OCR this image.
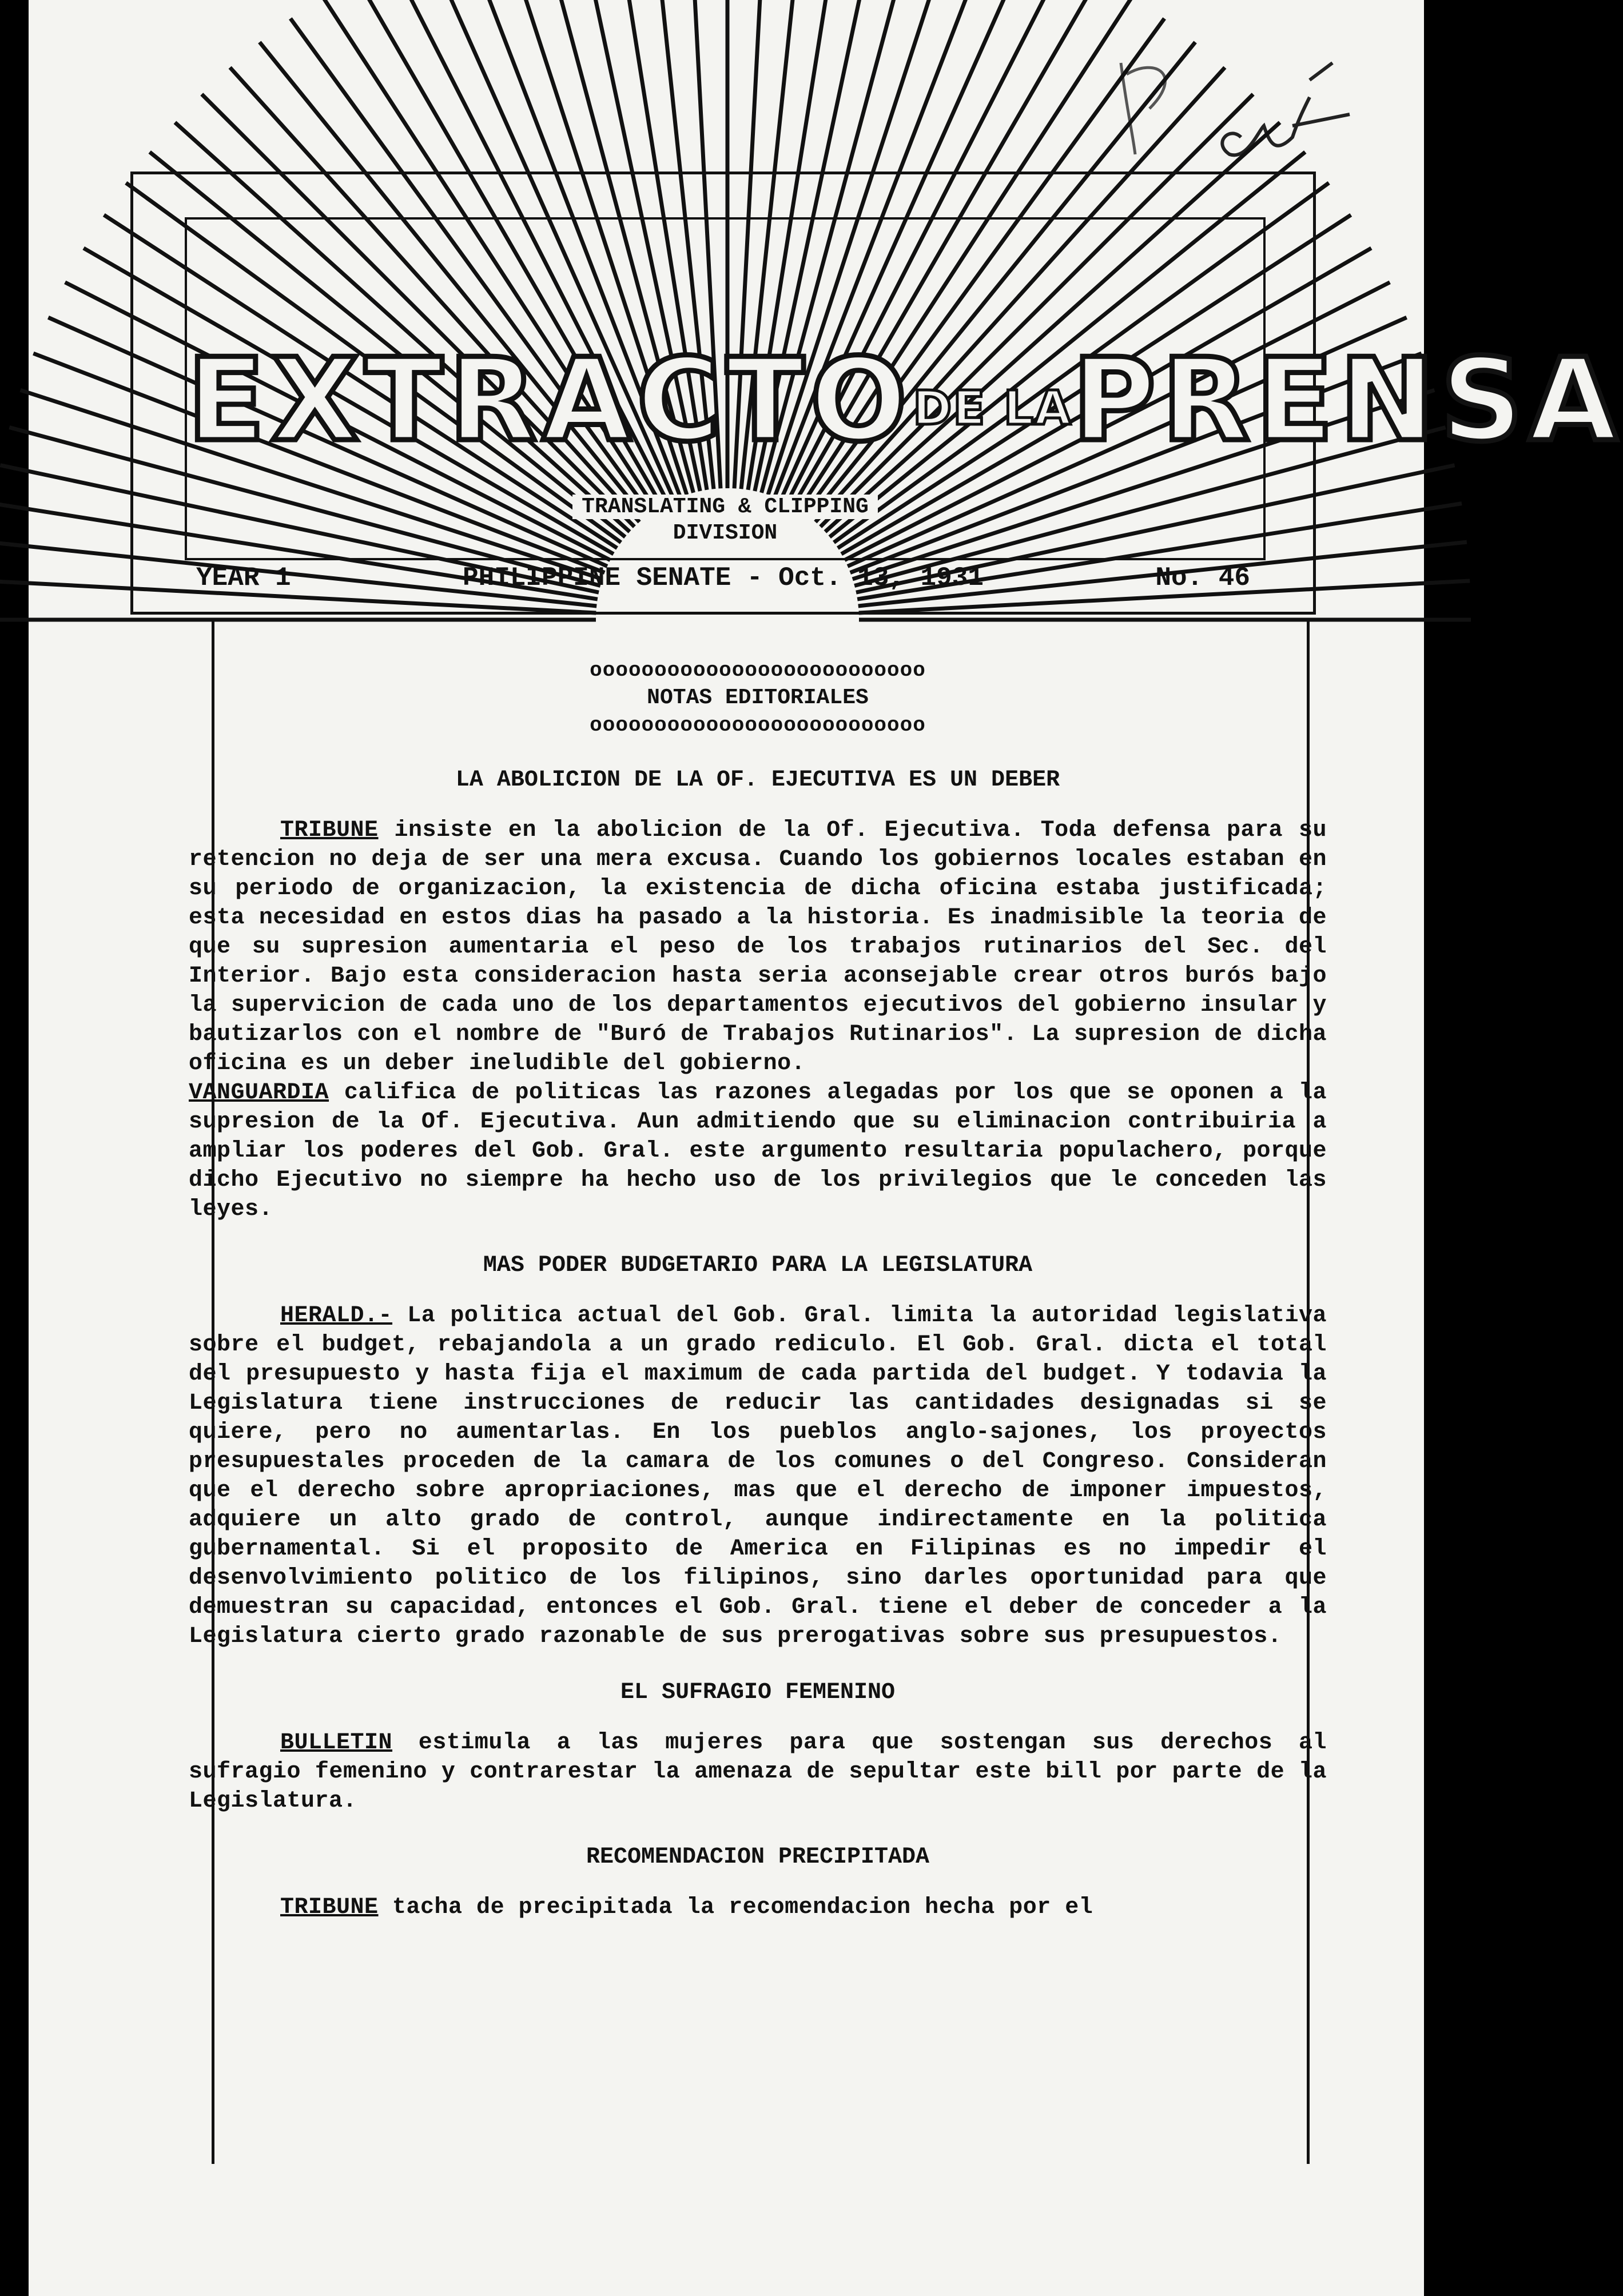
EXTRACTODE LAPRENSA
TRANSLATING & CLIPPING
DIVISION
YEAR 1	PHILIPPINE SENATE - Oct. 13, 1931	No. 46
oooooooooooooooooooooooooo
NOTAS EDITORIALES
oooooooooooooooooooooooooo
LA ABOLICION DE LA OF. EJECUTIVA ES UN DEBER

TRIBUNE insiste en la abolicion de la Of. Ejecutiva. Toda defensa para su retencion no deja de ser una mera excusa. Cuando los gobiernos locales estaban en su periodo de organizacion, la existencia de dicha oficina estaba justificada; esta necesidad en estos dias ha pasado a la historia. Es inadmisible la teoria de que su supresion aumentaria el peso de los trabajos rutinarios del Sec. del Interior. Bajo esta consideracion hasta seria aconsejable crear otros burós bajo la supervicion de cada uno de los departamentos ejecutivos del gobierno insular y bautizarlos con el nombre de "Buró de Trabajos Rutinarios". La supresion de dicha oficina es un deber ineludible del gobierno.

VANGUARDIA califica de politicas las razones alegadas por los que se oponen a la supresion de la Of. Ejecutiva. Aun admitiendo que su eliminacion contribuiria a ampliar los poderes del Gob. Gral. este argumento resultaria populachero, porque dicho Ejecutivo no siempre ha hecho uso de los privilegios que le conceden las leyes.

MAS PODER BUDGETARIO PARA LA LEGISLATURA

HERALD.- La politica actual del Gob. Gral. limita la autoridad legislativa sobre el budget, rebajandola a un grado rediculo. El Gob. Gral. dicta el total del presupuesto y hasta fija el maximum de cada partida del budget. Y todavia la Legislatura tiene instrucciones de reducir las cantidades designadas si se quiere, pero no aumentarlas. En los pueblos anglo-sajones, los proyectos presupuestales proceden de la camara de los comunes o del Congreso. Consideran que el derecho sobre apropriaciones, mas que el derecho de imponer impuestos, adquiere un alto grado de control, aunque indirectamente en la politica gubernamental. Si el proposito de America en Filipinas es no impedir el desenvolvimiento politico de los filipinos, sino darles oportunidad para que demuestran su capacidad, entonces el Gob. Gral. tiene el deber de conceder a la Legislatura cierto grado razonable de sus prerogativas sobre sus presupuestos.

EL SUFRAGIO FEMENINO

BULLETIN estimula a las mujeres para que sostengan sus derechos al sufragio femenino y contrarestar la amenaza de sepultar este bill por parte de la Legislatura.

RECOMENDACION PRECIPITADA

TRIBUNE tacha de precipitada la recomendacion hecha por el
